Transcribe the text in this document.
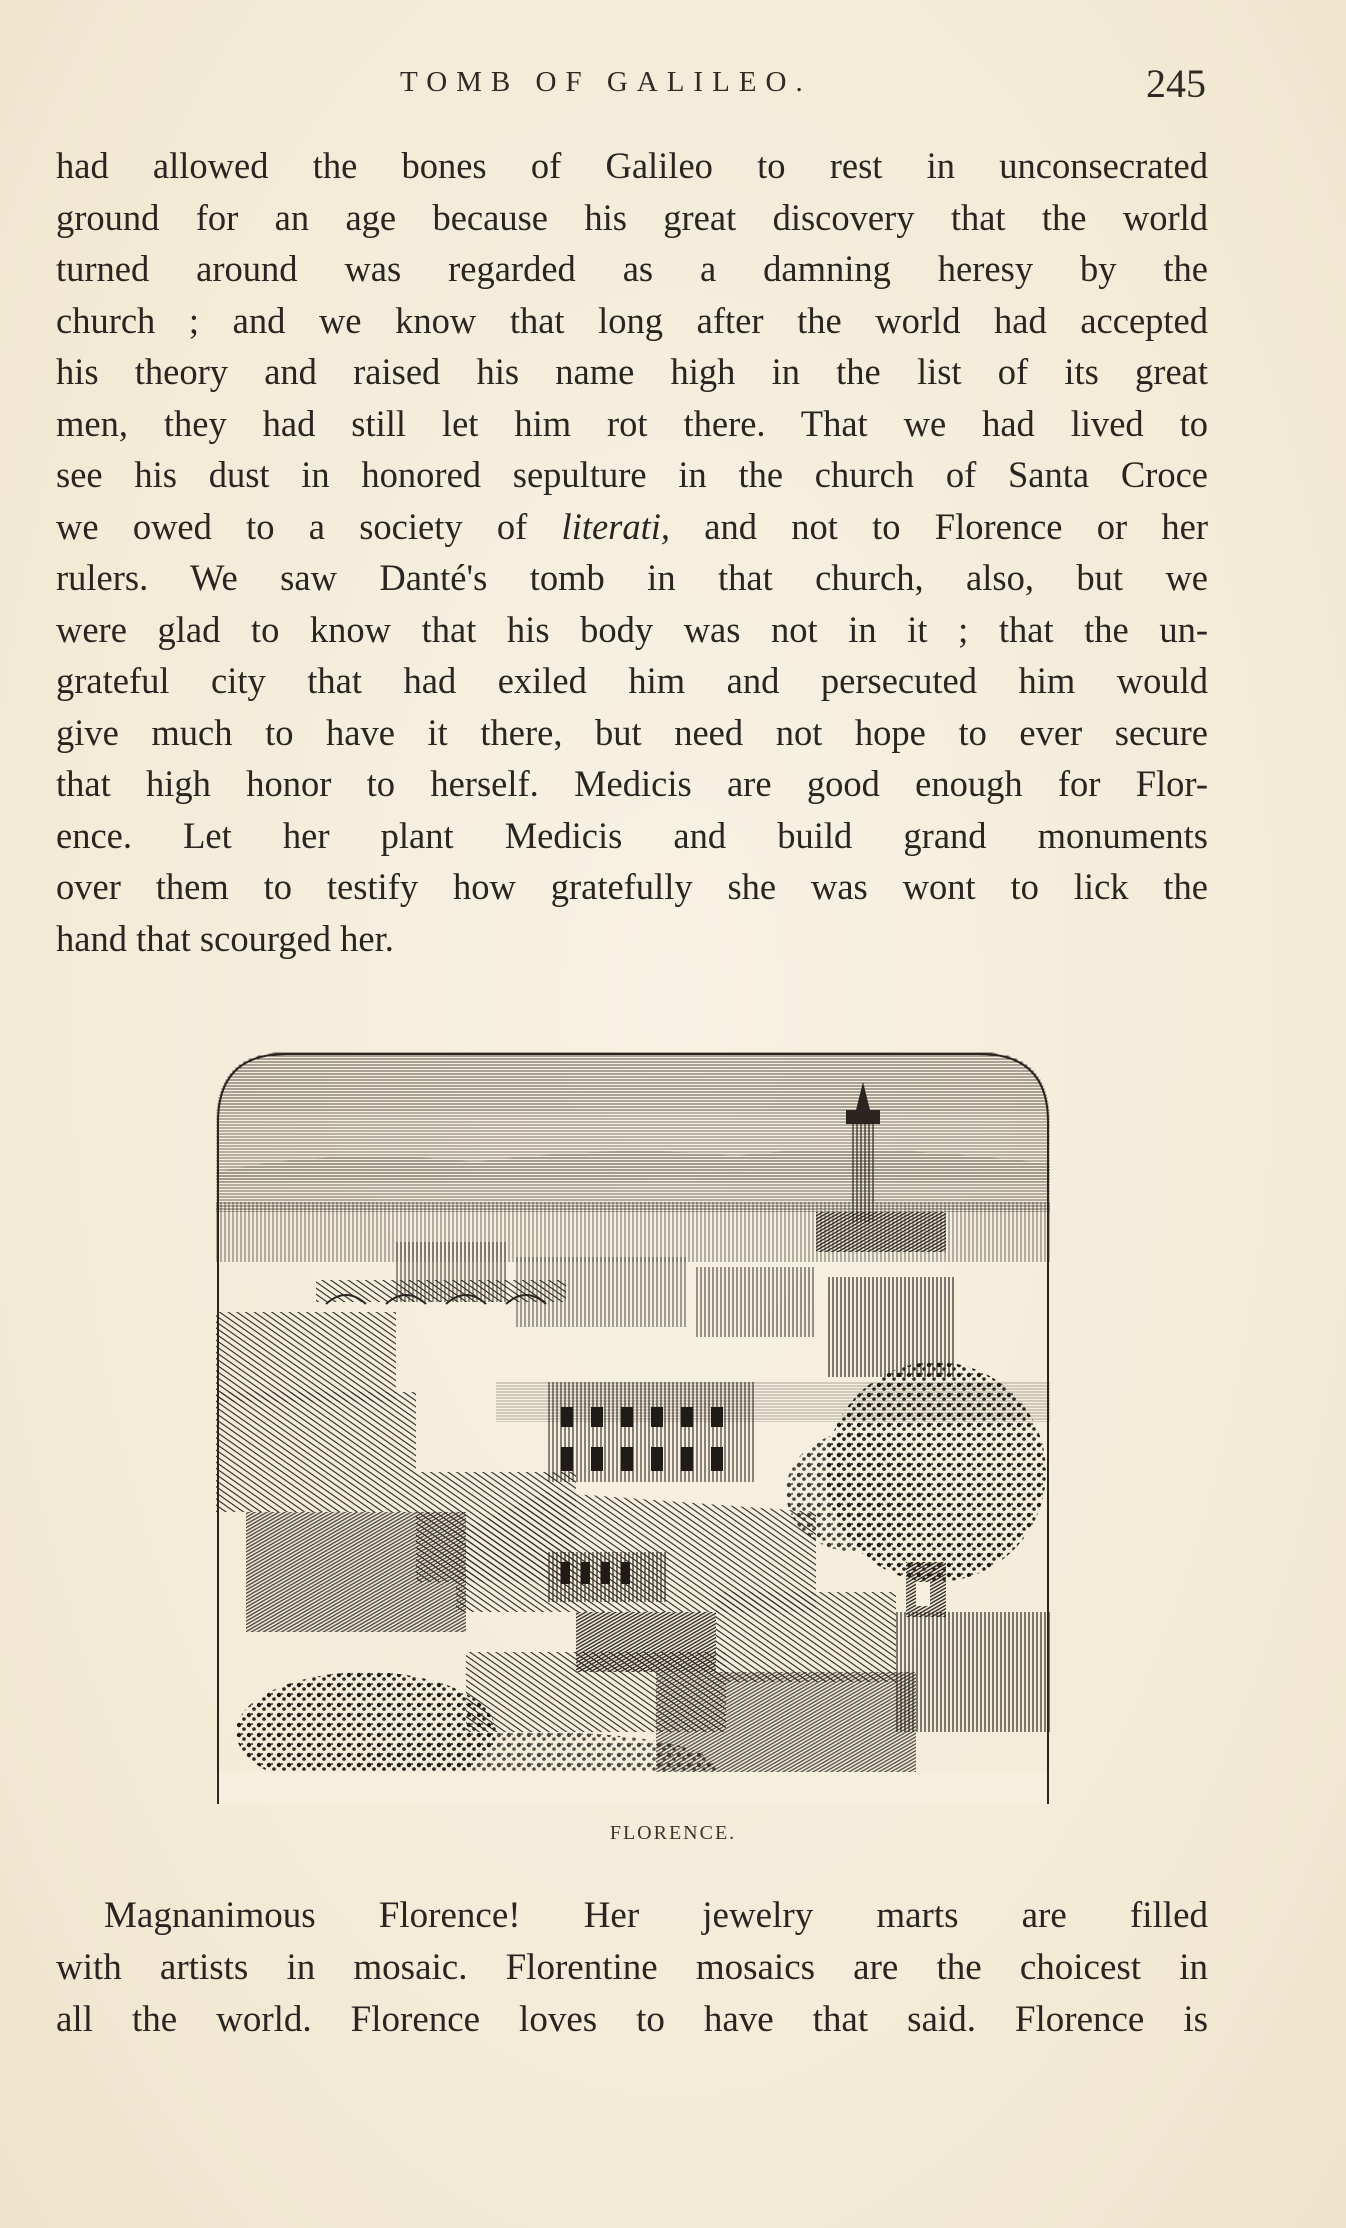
TOMB OF GALILEO.	245
had allowed the bones of Galileo to rest in unconsecrated
ground for an age because his great discovery that the world
turned around was regarded as a damning heresy by the
church ; and we know that long after the world had accepted
his theory and raised his name high in the list of its great
men, they had still let him rot there. That we had lived to
see his dust in honored sepulture in the church of Santa Croce
we owed to a society of literati, and not to Florence or her
rulers. We saw Danté's tomb in that church, also, but we
were glad to know that his body was not in it ; that the un-
grateful city that had exiled him and persecuted him would
give much to have it there, but need not hope to ever secure
that high honor to herself. Medicis are good enough for Flor-
ence. Let her plant Medicis and build grand monuments
over them to testify how gratefully she was wont to lick the
hand that scourged her.
FLORENCE.
Magnanimous Florence! Her jewelry marts are filled
with artists in mosaic. Florentine mosaics are the choicest in
all the world. Florence loves to have that said. Florence is
